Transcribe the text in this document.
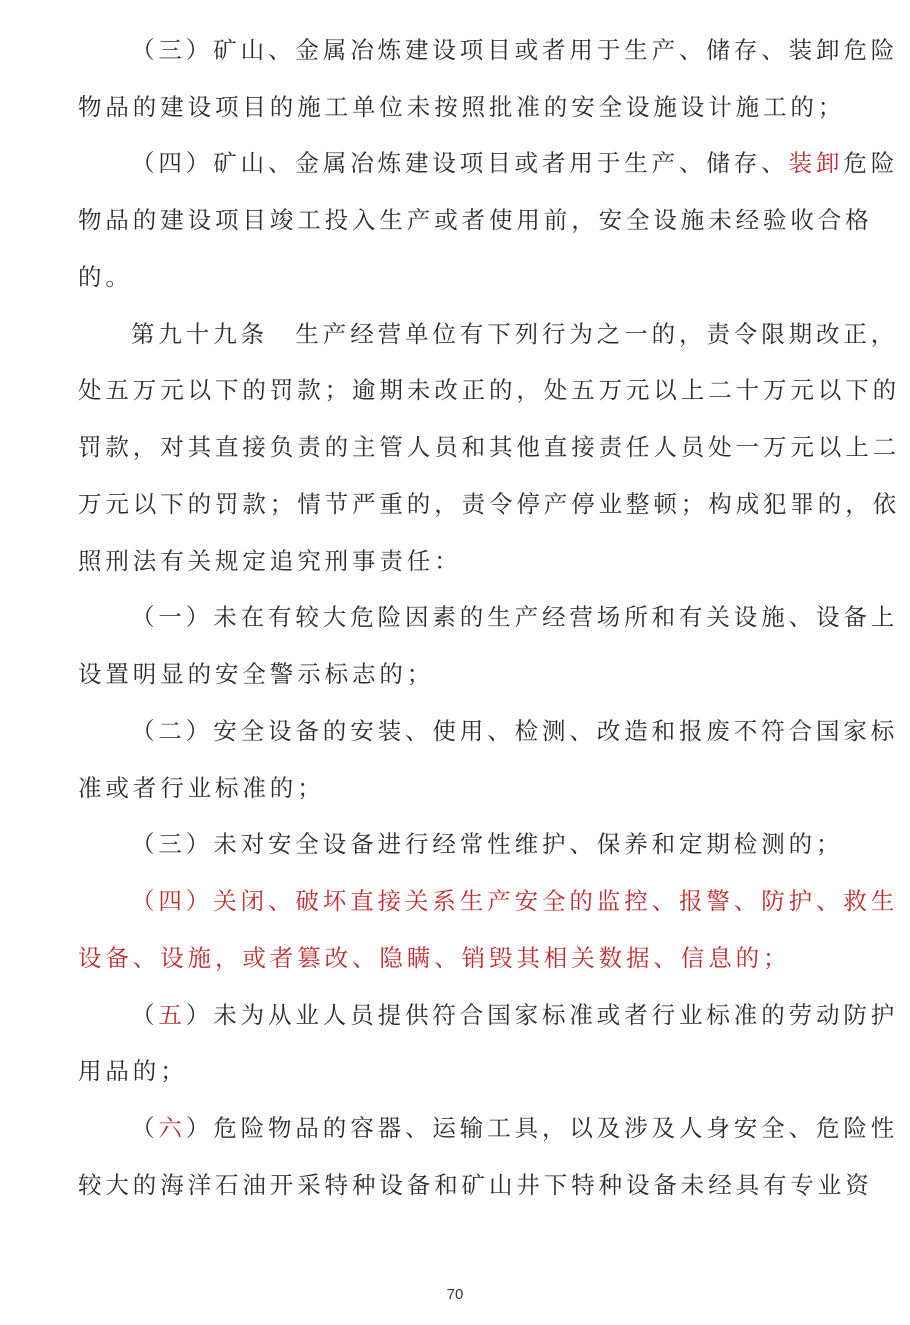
（三）矿山、金属冶炼建设项目或者用于生产、储存、装卸危险
物品的建设项目的施工单位未按照批准的安全设施设计施工的；
（四）矿山、金属冶炼建设项目或者用于生产、储存、装卸危险
物品的建设项目竣工投入生产或者使用前，安全设施未经验收合格
的。
第九十九条　生产经营单位有下列行为之一的，责令限期改正，
处五万元以下的罚款；逾期未改正的，处五万元以上二十万元以下的
罚款，对其直接负责的主管人员和其他直接责任人员处一万元以上二
万元以下的罚款；情节严重的，责令停产停业整顿；构成犯罪的，依
照刑法有关规定追究刑事责任：
（一）未在有较大危险因素的生产经营场所和有关设施、设备上
设置明显的安全警示标志的；
（二）安全设备的安装、使用、检测、改造和报废不符合国家标
准或者行业标准的；
（三）未对安全设备进行经常性维护、保养和定期检测的；
（四）关闭、破坏直接关系生产安全的监控、报警、防护、救生
设备、设施，或者篡改、隐瞒、销毁其相关数据、信息的；
（五）未为从业人员提供符合国家标准或者行业标准的劳动防护
用品的；
（六）危险物品的容器、运输工具，以及涉及人身安全、危险性
较大的海洋石油开采特种设备和矿山井下特种设备未经具有专业资
70
